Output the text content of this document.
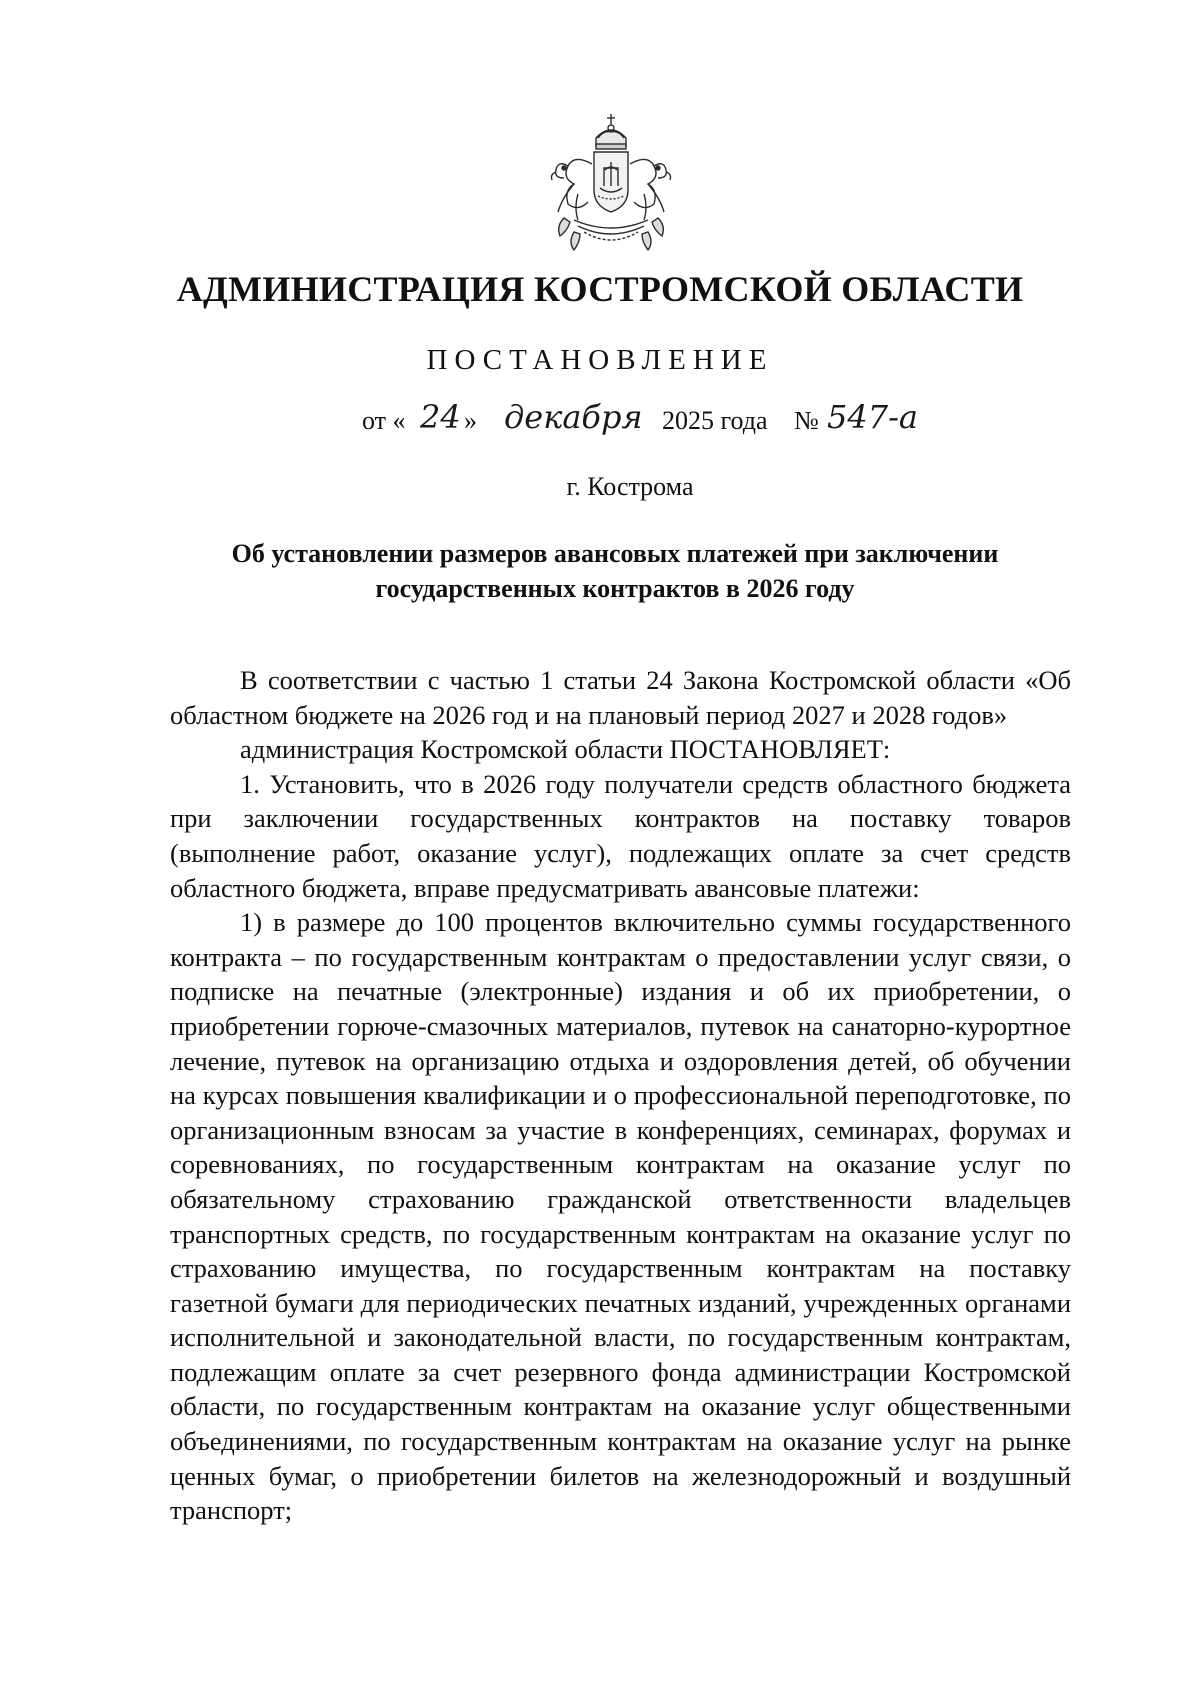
АДМИНИСТРАЦИЯ КОСТРОМСКОЙ ОБЛАСТИ
ПОСТАНОВЛЕНИЕ
от « 24 » декабря 2025 года № 547-а
г. Кострома
Об установлении размеров авансовых платежей при заключении
государственных контрактов в 2026 году

В соответствии с частью 1 статьи 24 Закона Костромской области «Об областном бюджете на 2026 год и на плановый период 2027 и 2028 годов»

администрация Костромской области ПОСТАНОВЛЯЕТ:

1. Установить, что в 2026 году получатели средств областного бюджета при заключении государственных контрактов на поставку товаров (выполнение работ, оказание услуг), подлежащих оплате за счет средств областного бюджета, вправе предусматривать авансовые платежи:

1) в размере до 100 процентов включительно суммы государственного контракта – по государственным контрактам о предоставлении услуг связи, о подписке на печатные (электронные) издания и об их приобретении, о приобретении горюче-смазочных материалов, путевок на санаторно-курортное лечение, путевок на организацию отдыха и оздоровления детей, об обучении на курсах повышения квалификации и о профессиональной переподготовке, по организационным взносам за участие в конференциях, семинарах, форумах и соревнованиях, по государственным контрактам на оказание услуг по обязательному страхованию гражданской ответственности владельцев транспортных средств, по государственным контрактам на оказание услуг по страхованию имущества, по государственным контрактам на поставку газетной бумаги для периодических печатных изданий, учрежденных органами исполнительной и законодательной власти, по государственным контрактам, подлежащим оплате за счет резервного фонда администрации Костромской области, по государственным контрактам на оказание услуг общественными объединениями, по государственным контрактам на оказание услуг на рынке ценных бумаг, о приобретении билетов на железнодорожный и воздушный транспорт;
